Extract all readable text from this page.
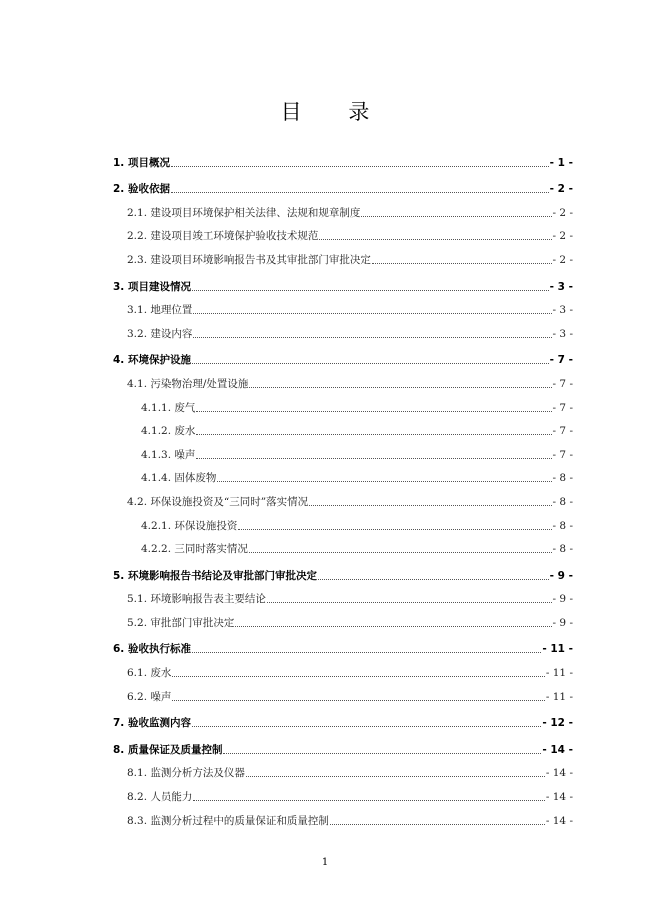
目 录
1. 项目概况	- 1 -
2. 验收依据	- 2 -
2.1. 建设项目环境保护相关法律、法规和规章制度	- 2 -
2.2. 建设项目竣工环境保护验收技术规范	- 2 -
2.3. 建设项目环境影响报告书及其审批部门审批决定	- 2 -
3. 项目建设情况	- 3 -
3.1. 地理位置	- 3 -
3.2. 建设内容	- 3 -
4. 环境保护设施	- 7 -
4.1. 污染物治理/处置设施	- 7 -
4.1.1. 废气	- 7 -
4.1.2. 废水	- 7 -
4.1.3. 噪声	- 7 -
4.1.4. 固体废物	- 8 -
4.2. 环保设施投资及“三同时”落实情况	- 8 -
4.2.1. 环保设施投资	- 8 -
4.2.2. 三同时落实情况	- 8 -
5. 环境影响报告书结论及审批部门审批决定	- 9 -
5.1. 环境影响报告表主要结论	- 9 -
5.2. 审批部门审批决定	- 9 -
6. 验收执行标准	- 11 -
6.1. 废水	- 11 -
6.2. 噪声	- 11 -
7. 验收监测内容	- 12 -
8. 质量保证及质量控制	- 14 -
8.1. 监测分析方法及仪器	- 14 -
8.2. 人员能力	- 14 -
8.3. 监测分析过程中的质量保证和质量控制	- 14 -
1
